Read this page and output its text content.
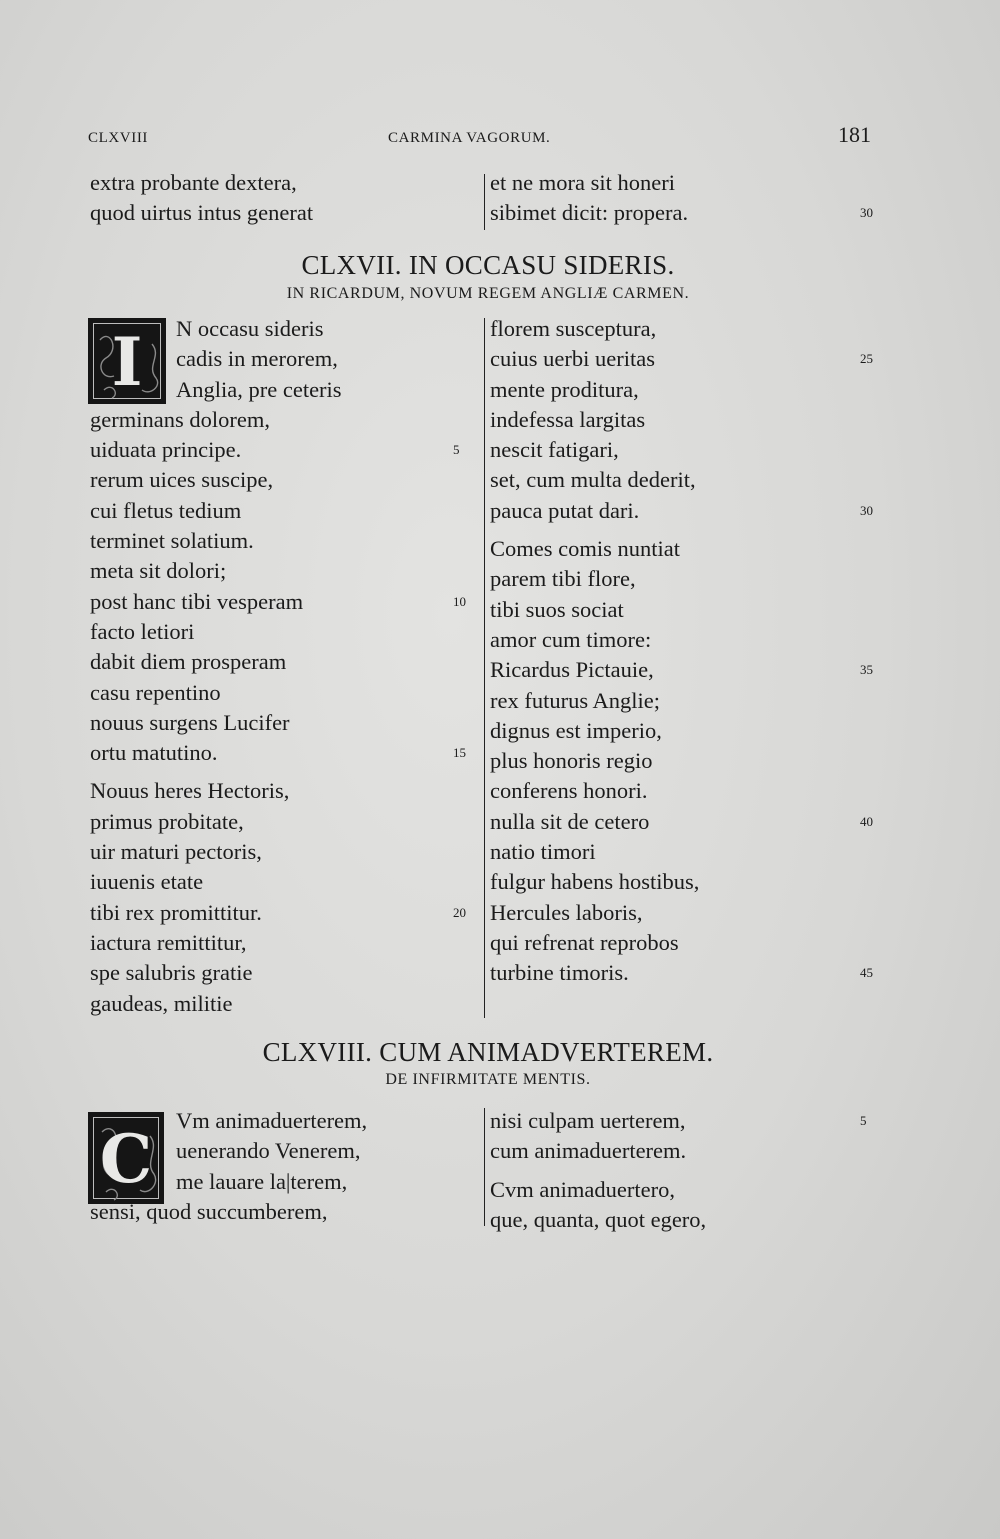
CLXVIII	CARMINA VAGORUM.	181
extra probante dextera,
quod uirtus intus generat
et ne mora sit honeri
sibimet dicit: propera.	30
CLXVII. IN OCCASU SIDERIS.
IN RICARDUM, NOVUM REGEM ANGLIÆ CARMEN.
I	N occasu sideris
cadis in merorem,
Anglia, pre ceteris
germinans dolorem,
uiduata principe.	5
rerum uices suscipe,
cui fletus tedium
terminet solatium.
meta sit dolori;
post hanc tibi vesperam	10
facto letiori
dabit diem prosperam
casu repentino
nouus surgens Lucifer
ortu matutino.	15
Nouus heres Hectoris,
primus probitate,
uir maturi pectoris,
iuuenis etate
tibi rex promittitur.	20
iactura remittitur,
spe salubris gratie
gaudeas, militie
florem susceptura,
cuius uerbi ueritas	25
mente proditura,
indefessa largitas
nescit fatigari,
set, cum multa dederit,
pauca putat dari.	30
Comes comis nuntiat
parem tibi flore,
tibi suos sociat
amor cum timore:
Ricardus Pictauie,	35
rex futurus Anglie;
dignus est imperio,
plus honoris regio
conferens honori.
nulla sit de cetero	40
natio timori
fulgur habens hostibus,
Hercules laboris,
qui refrenat reprobos
turbine timoris.	45
CLXVIII. CUM ANIMADVERTEREM.
DE INFIRMITATE MENTIS.
C	Vm animaduerterem,
uenerando Venerem,
me lauare la|terem,
sensi, quod succumberem,
nisi culpam uerterem,	5
cum animaduerterem.
Cvm animaduertero,
que, quanta, quot egero,
